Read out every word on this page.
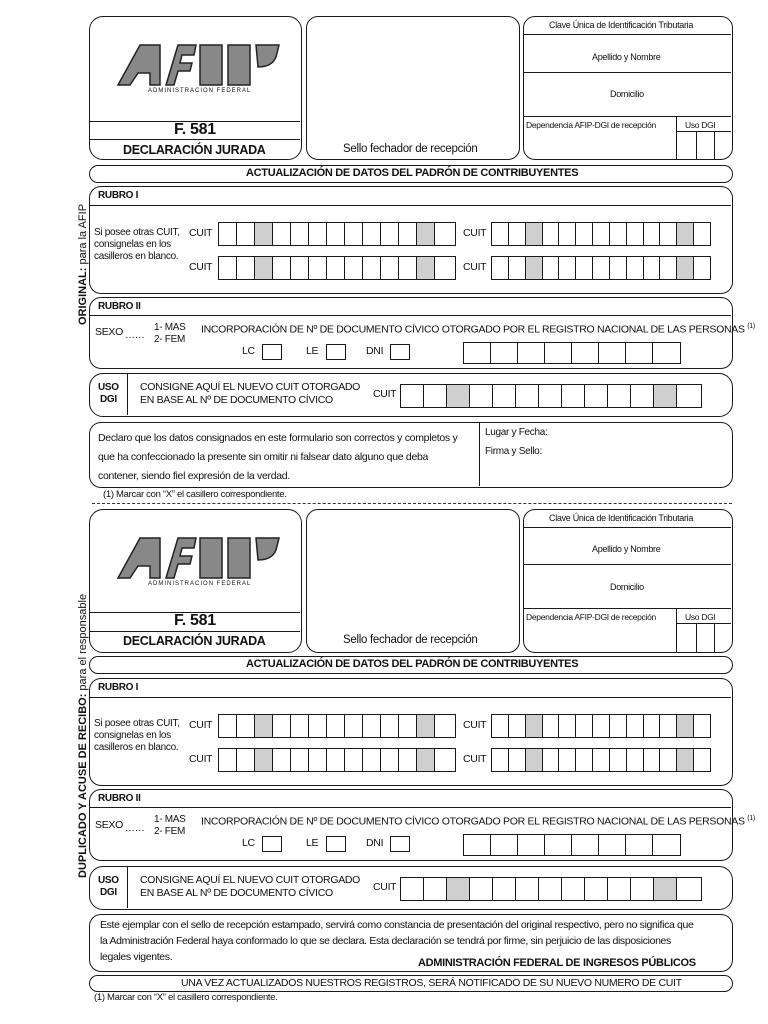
ORIGINAL: para la AFIP
ADMINISTRACION FEDERAL
F. 581
DECLARACIÓN JURADA	Sello fechador de recepción
Clave Única de Identificación Tributaria
Apellido y Nombre
Domicilio
Dependencia AFIP-DGI de recepción	Uso DGI
ACTUALIZACIÓN DE DATOS DEL PADRÓN DE CONTRIBUYENTES
RUBRO I
Si posee otras CUIT,
consignelas en los
casilleros en blanco.
CUIT
CUIT
CUIT
CUIT
RUBRO II
SEXO ……
1- MAS
2- FEM
INCORPORACIÓN DE Nº DE DOCUMENTO CÍVICO OTORGADO POR EL REGISTRO NACIONAL DE LAS PERSONAS $^{(1)}$
LC	LE	DNI
USO
DGI
CONSIGNE AQUÍ EL NUEVO CUIT OTORGADO
EN BASE AL Nº DE DOCUMENTO CÍVICO	CUIT
Declaro que los datos consignados en este formulario son correctos y completos y
que ha confeccionado la presente sin omitir ni falsear dato alguno que deba
contener, siendo fiel expresión de la verdad.
Lugar y Fecha:
Firma y Sello:
(1) Marcar con “X” el casillero correspondiente.
DUPLICADO Y ACUSE DE RECIBO: para el responsable
ADMINISTRACION FEDERAL
F. 581
DECLARACIÓN JURADA	Sello fechador de recepción
Clave Única de Identificación Tributaria
Apellido y Nombre
Domicilio
Dependencia AFIP-DGI de recepción	Uso DGI
ACTUALIZACIÓN DE DATOS DEL PADRÓN DE CONTRIBUYENTES
RUBRO I
Si posee otras CUIT,
consignelas en los
casilleros en blanco.
CUIT
CUIT
CUIT
CUIT
RUBRO II
SEXO ……
1- MAS
2- FEM
INCORPORACIÓN DE Nº DE DOCUMENTO CÍVICO OTORGADO POR EL REGISTRO NACIONAL DE LAS PERSONAS $^{(1)}$
LC	LE	DNI
USO
DGI
CONSIGNE AQUÍ EL NUEVO CUIT OTORGADO
EN BASE AL Nº DE DOCUMENTO CÍVICO	CUIT
Este ejemplar con el sello de recepción estampado, servirá como constancia de presentación del original respectivo, pero no significa que
la Administración Federal haya conformado lo que se declara. Esta declaración se tendrá por firme, sin perjuicio de las disposiciones
legales vigentes.	ADMINISTRACIÓN FEDERAL DE INGRESOS PÚBLICOS
UNA VEZ ACTUALIZADOS NUESTROS REGISTROS, SERÁ NOTIFICADO DE SU NUEVO NUMERO DE CUIT
(1) Marcar con “X” el casillero correspondiente.
